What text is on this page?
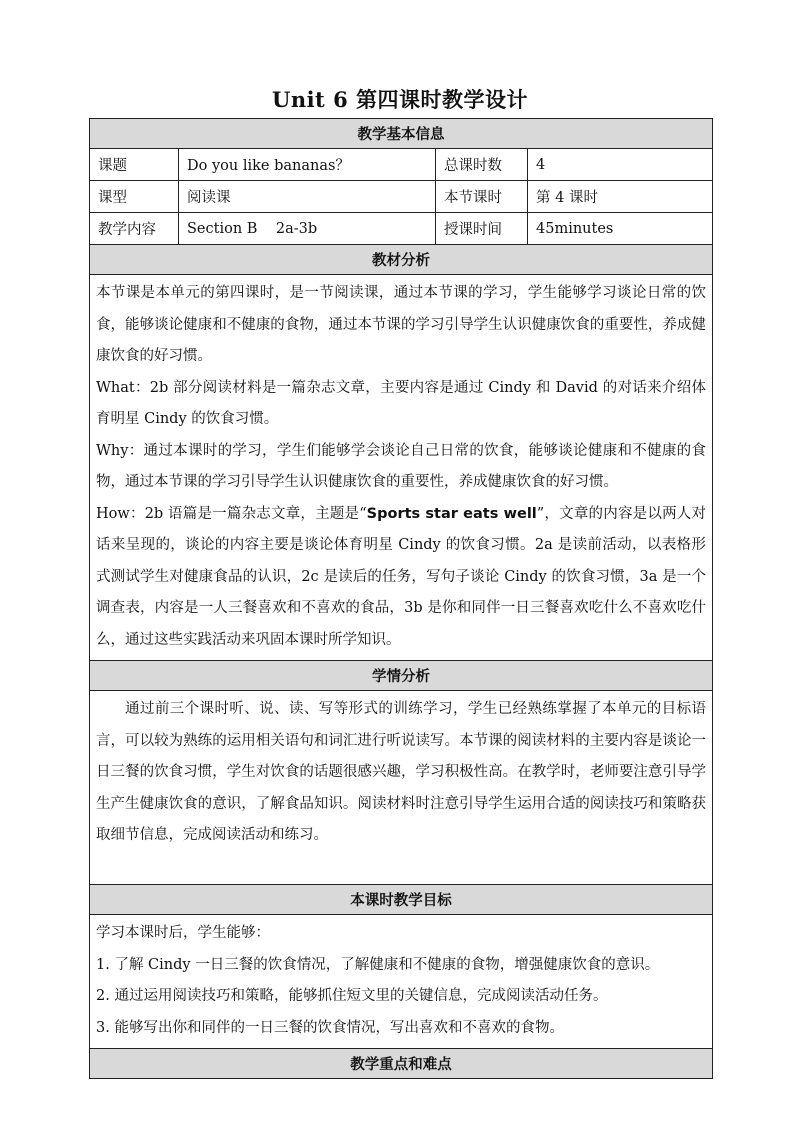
Unit 6 第四课时教学设计
教学基本信息			
课题	Do you like bananas？	总课时数	4
课型	阅读课	本节课时	第 4 课时
教学内容	Section B    2a-3b	授课时间	45minutes
教材分析			

本节课是本单元的第四课时，是一节阅读课，通过本节课的学习，学生能够学习谈论日常的饮食，能够谈论健康和不健康的食物，通过本节课的学习引导学生认识健康饮食的重要性，养成健康饮食的好习惯。

What：2b 部分阅读材料是一篇杂志文章，主要内容是通过 Cindy 和 David 的对话来介绍体育明星 Cindy 的饮食习惯。

Why：通过本课时的学习，学生们能够学会谈论自己日常的饮食，能够谈论健康和不健康的食物，通过本节课的学习引导学生认识健康饮食的重要性，养成健康饮食的好习惯。

How：2b 语篇是一篇杂志文章，主题是“Sports star eats well”，文章的内容是以两人对话来呈现的，谈论的内容主要是谈论体育明星 Cindy 的饮食习惯。2a 是读前活动，以表格形式测试学生对健康食品的认识，2c 是读后的任务，写句子谈论 Cindy 的饮食习惯，3a 是一个调查表，内容是一人三餐喜欢和不喜欢的食品，3b 是你和同伴一日三餐喜欢吃什么不喜欢吃什么，通过这些实践活动来巩固本课时所学知识。			

学情分析			

通过前三个课时听、说、读、写等形式的训练学习，学生已经熟练掌握了本单元的目标语言，可以较为熟练的运用相关语句和词汇进行听说读写。本节课的阅读材料的主要内容是谈论一日三餐的饮食习惯，学生对饮食的话题很感兴趣，学习积极性高。在教学时，老师要注意引导学生产生健康饮食的意识，了解食品知识。阅读材料时注意引导学生运用合适的阅读技巧和策略获取细节信息，完成阅读活动和练习。			

本课时教学目标			

学习本课时后，学生能够：

1. 了解 Cindy 一日三餐的饮食情况，了解健康和不健康的食物，增强健康饮食的意识。

2. 通过运用阅读技巧和策略，能够抓住短文里的关键信息，完成阅读活动任务。

3. 能够写出你和同伴的一日三餐的饮食情况，写出喜欢和不喜欢的食物。			

教学重点和难点			
